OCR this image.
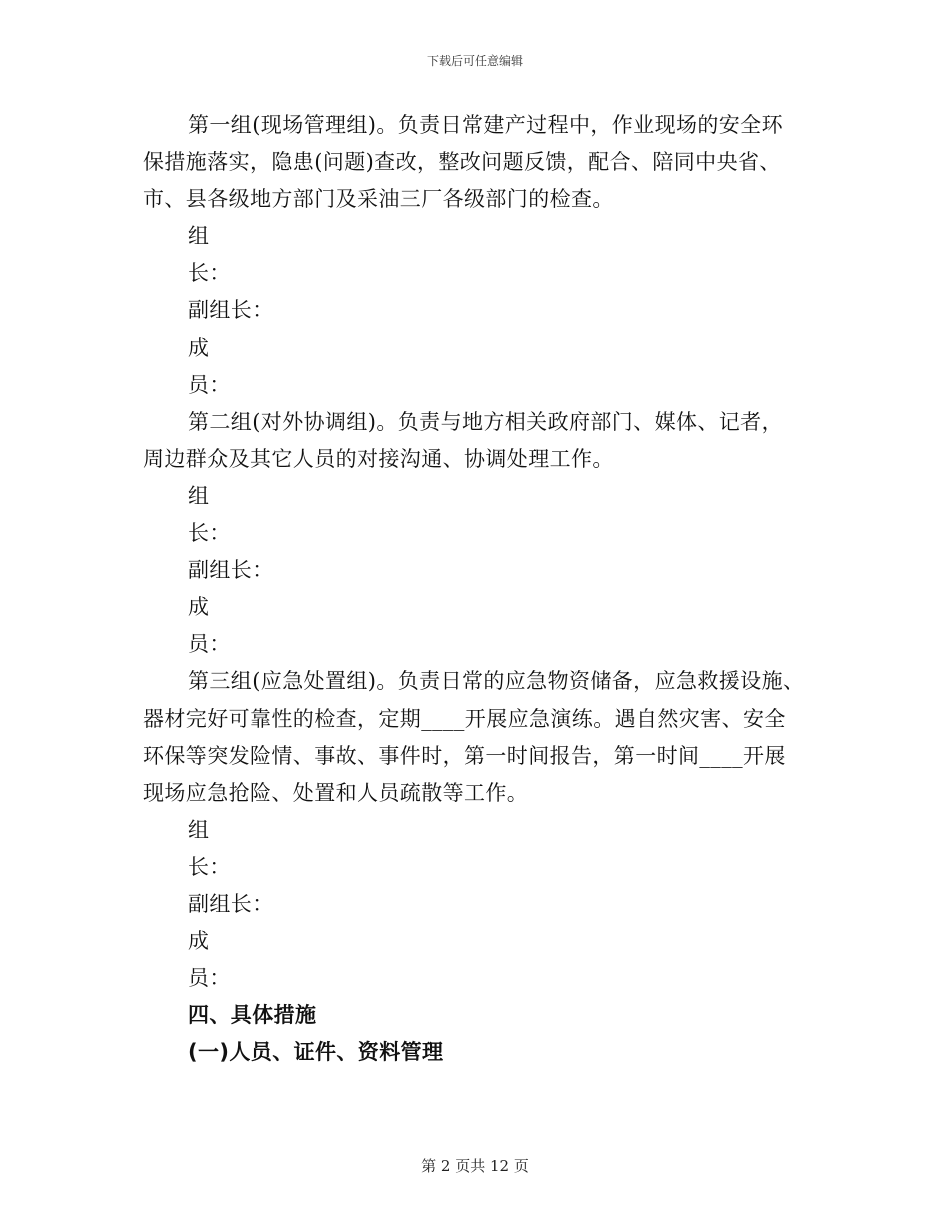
下载后可任意编辑
第一组(现场管理组)。负责日常建产过程中，作业现场的安全环
保措施落实，隐患(问题)查改，整改问题反馈，配合、陪同中央省、
市、县各级地方部门及采油三厂各级部门的检查。
组
长：
副组长：
成
员：
第二组(对外协调组)。负责与地方相关政府部门、媒体、记者，
周边群众及其它人员的对接沟通、协调处理工作。
组
长：
副组长：
成
员：
第三组(应急处置组)。负责日常的应急物资储备，应急救援设施、
器材完好可靠性的检查，定期____开展应急演练。遇自然灾害、安全
环保等突发险情、事故、事件时，第一时间报告，第一时间____开展
现场应急抢险、处置和人员疏散等工作。
组
长：
副组长：
成
员：
四、具体措施
(一)人员、证件、资料管理
第 2 页共 12 页
